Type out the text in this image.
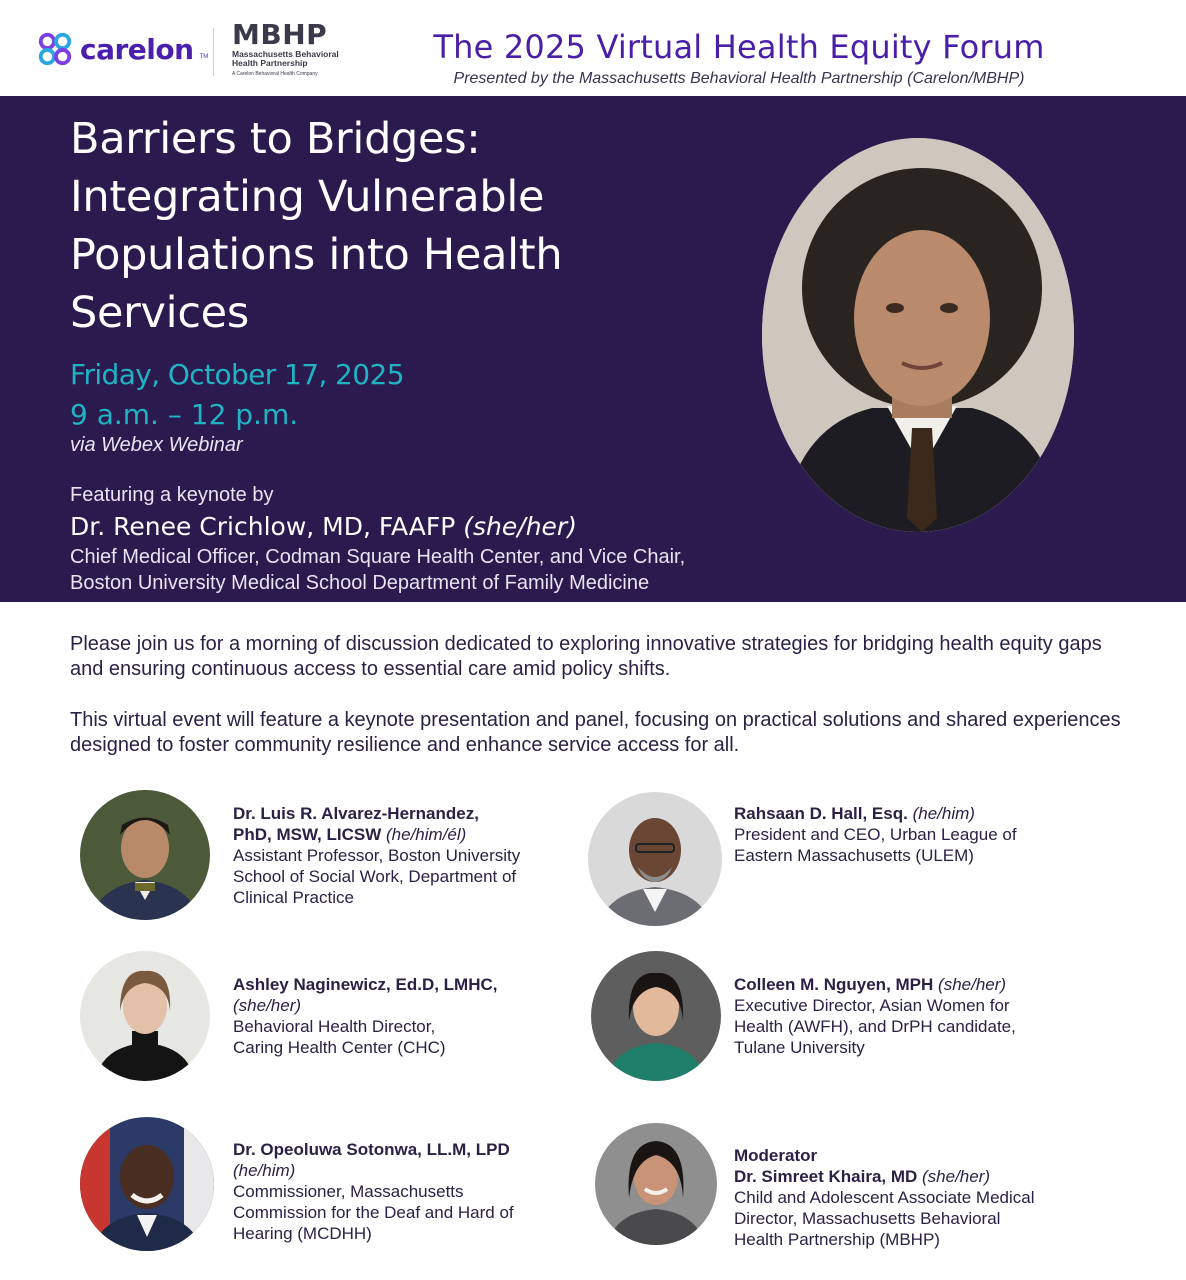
carelon TM
MBHP
Massachusetts Behavioral
Health Partnership
A Carelon Behavioral Health Company
The 2025 Virtual Health Equity Forum
Presented by the Massachusetts Behavioral Health Partnership (Carelon/MBHP)
Barriers to Bridges: Integrating Vulnerable Populations into Health Services
Friday, October 17, 2025
9 a.m. – 12 p.m.
via Webex Webinar
Featuring a keynote by
Dr. Renee Crichlow, MD, FAAFP (she/her)
Chief Medical Officer, Codman Square Health Center, and Vice Chair,
Boston University Medical School Department of Family Medicine
Please join us for a morning of discussion dedicated to exploring innovative strategies for bridging health equity gaps and ensuring continuous access to essential care amid policy shifts.
This virtual event will feature a keynote presentation and panel, focusing on practical solutions and shared experiences designed to foster community resilience and enhance service access for all.
Dr. Luis R. Alvarez-Hernandez,
PhD, MSW, LICSW (he/him/él)
Assistant Professor, Boston University
School of Social Work, Department of
Clinical Practice
Rahsaan D. Hall, Esq. (he/him)
President and CEO, Urban League of
Eastern Massachusetts (ULEM)
Ashley Naginewicz, Ed.D, LMHC,
(she/her)
Behavioral Health Director,
Caring Health Center (CHC)
Colleen M. Nguyen, MPH (she/her)
Executive Director, Asian Women for
Health (AWFH), and DrPH candidate,
Tulane University
Dr. Opeoluwa Sotonwa, LL.M, LPD
(he/him)
Commissioner, Massachusetts
Commission for the Deaf and Hard of
Hearing (MCDHH)
Moderator
Dr. Simreet Khaira, MD (she/her)
Child and Adolescent Associate Medical
Director, Massachusetts Behavioral
Health Partnership (MBHP)
